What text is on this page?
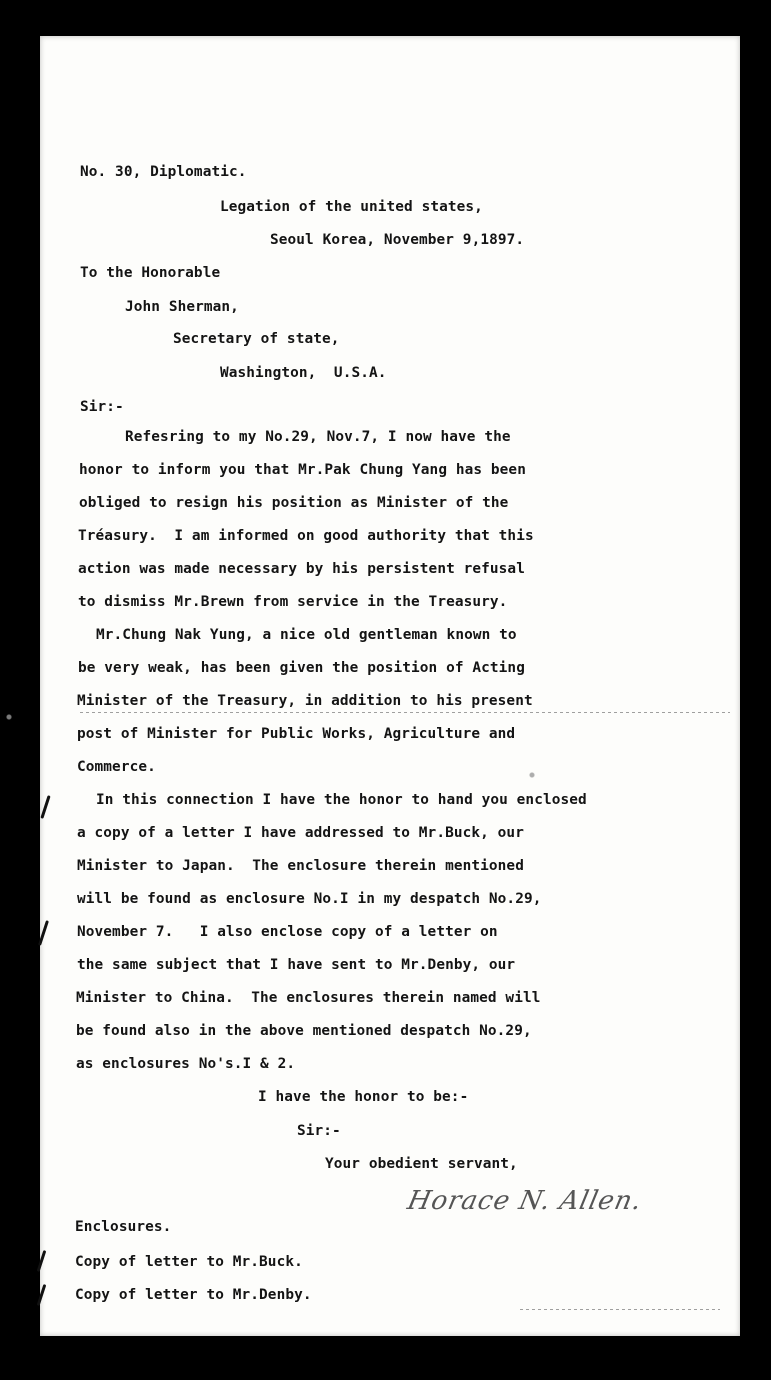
No. 30, Diplomatic.
Legation of the united states,
Seoul Korea, November 9,1897.
To the Honorable
John Sherman,
Secretary of state,
Washington,  U.S.A.
Sir:-
Refesring to my No.29, Nov.7, I now have the
honor to inform you that Mr.Pak Chung Yang has been
obliged to resign his position as Minister of the
Tréasury.  I am informed on good authority that this
action was made necessary by his persistent refusal
to dismiss Mr.Brewn from service in the Treasury.
Mr.Chung Nak Yung, a nice old gentleman known to
be very weak, has been given the position of Acting
Minister of the Treasury, in addition to his present
post of Minister for Public Works, Agriculture and
Commerce.
In this connection I have the honor to hand you enclosed
a copy of a letter I have addressed to Mr.Buck, our
Minister to Japan.  The enclosure therein mentioned
will be found as enclosure No.I in my despatch No.29,
November 7.   I also enclose copy of a letter on
the same subject that I have sent to Mr.Denby, our
Minister to China.  The enclosures therein named will
be found also in the above mentioned despatch No.29,
as enclosures No's.I & 2.
I have the honor to be:-
Sir:-
Your obedient servant,
Horace N. Allen.
Enclosures.
Copy of letter to Mr.Buck.
Copy of letter to Mr.Denby.
